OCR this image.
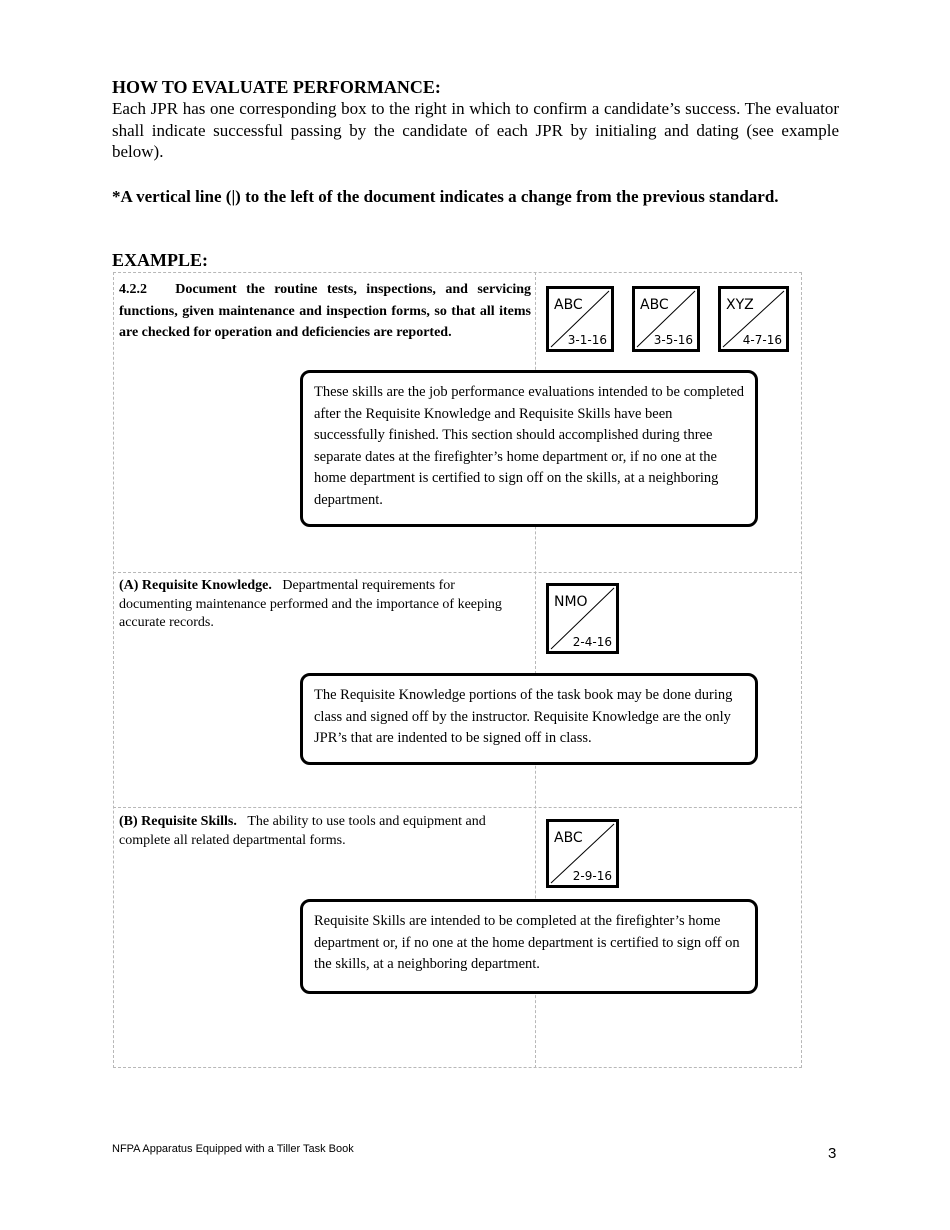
HOW TO EVALUATE PERFORMANCE:
Each JPR has one corresponding box to the right in which to confirm a candidate’s success. The evaluator shall indicate successful passing by the candidate of each JPR by initialing and dating (see example below).
*A vertical line (|) to the left of the document indicates a change from the previous standard.
EXAMPLE:
4.2.2 Document the routine tests, inspections, and servicing functions, given maintenance and inspection forms, so that all items are checked for operation and deficiencies are reported.
ABC
3-1-16
ABC
3-5-16
XYZ
4-7-16
These skills are the job performance evaluations intended to be completed after the Requisite Knowledge and Requisite Skills have been successfully finished. This section should accomplished during three separate dates at the firefighter’s home department or, if no one at the home department is certified to sign off on the skills, at a neighboring department.
(A) Requisite Knowledge. Departmental requirements for documenting maintenance performed and the importance of keeping accurate records.
NMO
2-4-16
The Requisite Knowledge portions of the task book may be done during class and signed off by the instructor. Requisite Knowledge are the only JPR’s that are indented to be signed off in class.
(B) Requisite Skills. The ability to use tools and equipment and complete all related departmental forms.	ABC
2-9-16
Requisite Skills are intended to be completed at the firefighter’s home department or, if no one at the home department is certified to sign off on the skills, at a neighboring department.
NFPA Apparatus Equipped with a Tiller Task Book	3
